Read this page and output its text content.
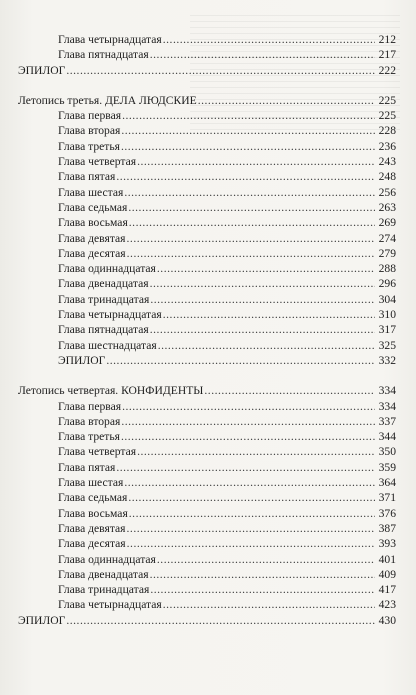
Глава четырнадцатая .....	212
Глава пятнадцатая .....	217
ЭПИЛОГ .....	222
Летопись третья. ДЕЛА ЛЮДСКИЕ .....	225
Глава первая .....	225
Глава вторая .....	228
Глава третья .....	236
Глава четвертая .....	243
Глава пятая .....	248
Глава шестая .....	256
Глава седьмая .....	263
Глава восьмая .....	269
Глава девятая .....	274
Глава десятая .....	279
Глава одиннадцатая .....	288
Глава двенадцатая .....	296
Глава тринадцатая .....	304
Глава четырнадцатая .....	310
Глава пятнадцатая .....	317
Глава шестнадцатая .....	325
ЭПИЛОГ .....	332
Летопись четвертая. КОНФИДЕНТЫ .....	334
Глава первая .....	334
Глава вторая .....	337
Глава третья .....	344
Глава четвертая .....	350
Глава пятая .....	359
Глава шестая .....	364
Глава седьмая .....	371
Глава восьмая .....	376
Глава девятая .....	387
Глава десятая .....	393
Глава одиннадцатая .....	401
Глава двенадцатая .....	409
Глава тринадцатая .....	417
Глава четырнадцатая .....	423
ЭПИЛОГ .....	430
